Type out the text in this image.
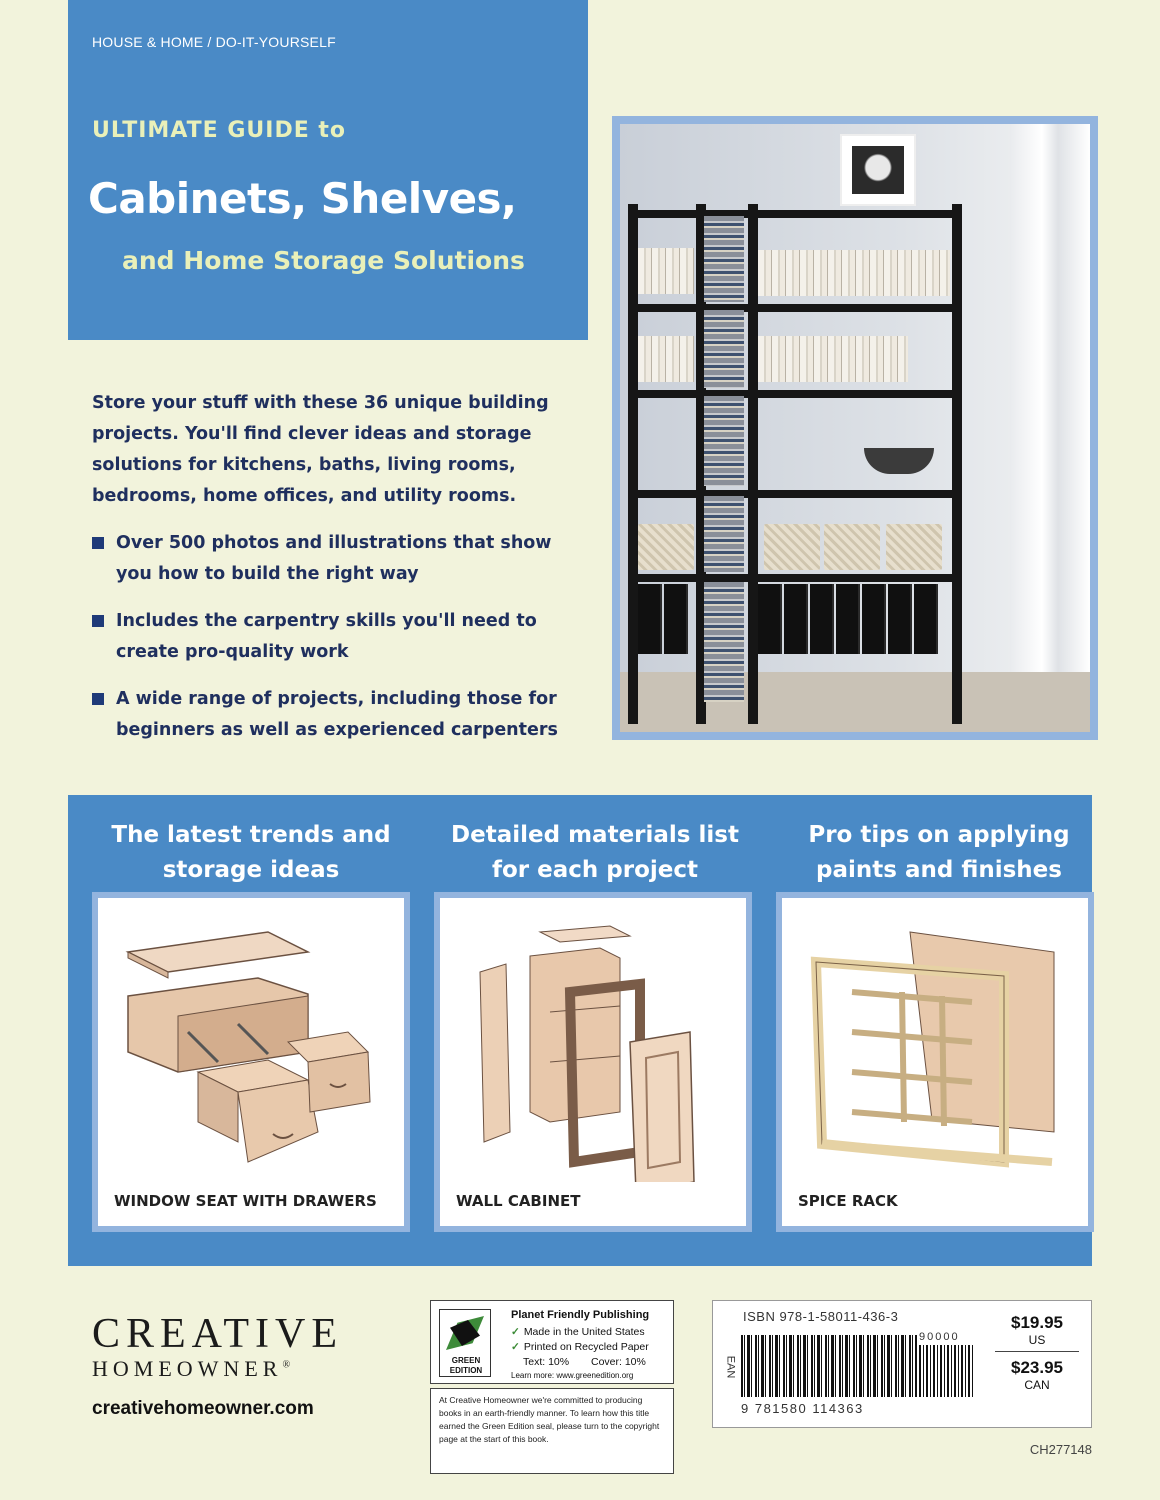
HOUSE & HOME / DO-IT-YOURSELF
ULTIMATE GUIDE to
Cabinets, Shelves,
and Home Storage Solutions
Store your stuff with these 36 unique building projects. You'll find clever ideas and storage solutions for kitchens, baths, living rooms, bedrooms, home offices, and utility rooms.
Over 500 photos and illustrations that show you how to build the right way
Includes the carpentry skills you'll need to create pro-quality work
A wide range of projects, including those for beginners as well as experienced carpenters
The latest trends and storage ideas
Detailed materials list for each project
Pro tips on applying paints and finishes
WINDOW SEAT WITH DRAWERS	WALL CABINET	SPICE RACK
CREATIVE
HOMEOWNER®
creativehomeowner.com
GREEN
EDITION
Planet Friendly Publishing
✓ Made in the United States
✓ Printed on Recycled Paper
Text: 10% Cover: 10%
Learn more: www.greenedition.org
At Creative Homeowner we're committed to producing books in an earth-friendly manner. To learn how this title earned the Green Edition seal, please turn to the copyright page at the start of this book.
ISBN 978-1-58011-436-3
EAN
90000
9 781580 114363
$19.95
US
$23.95
CAN
CH277148
